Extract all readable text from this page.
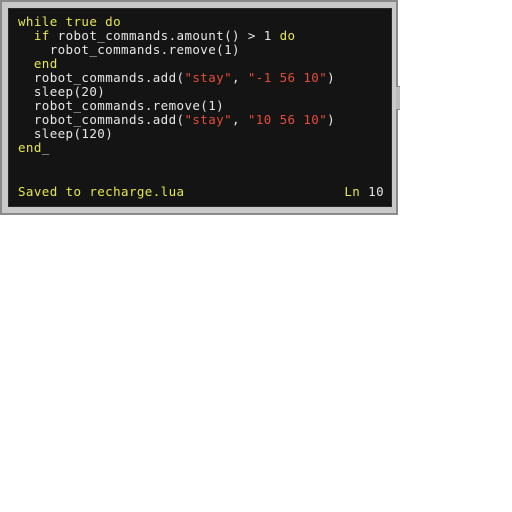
while true do
if robot_commands.amount() > 1 do
robot_commands.remove(1)
end
robot_commands.add("stay", "-1 56 10")
sleep(20)
robot_commands.remove(1)
robot_commands.add("stay", "10 56 10")
sleep(120)
end_
Saved to recharge.lua	Ln 10
